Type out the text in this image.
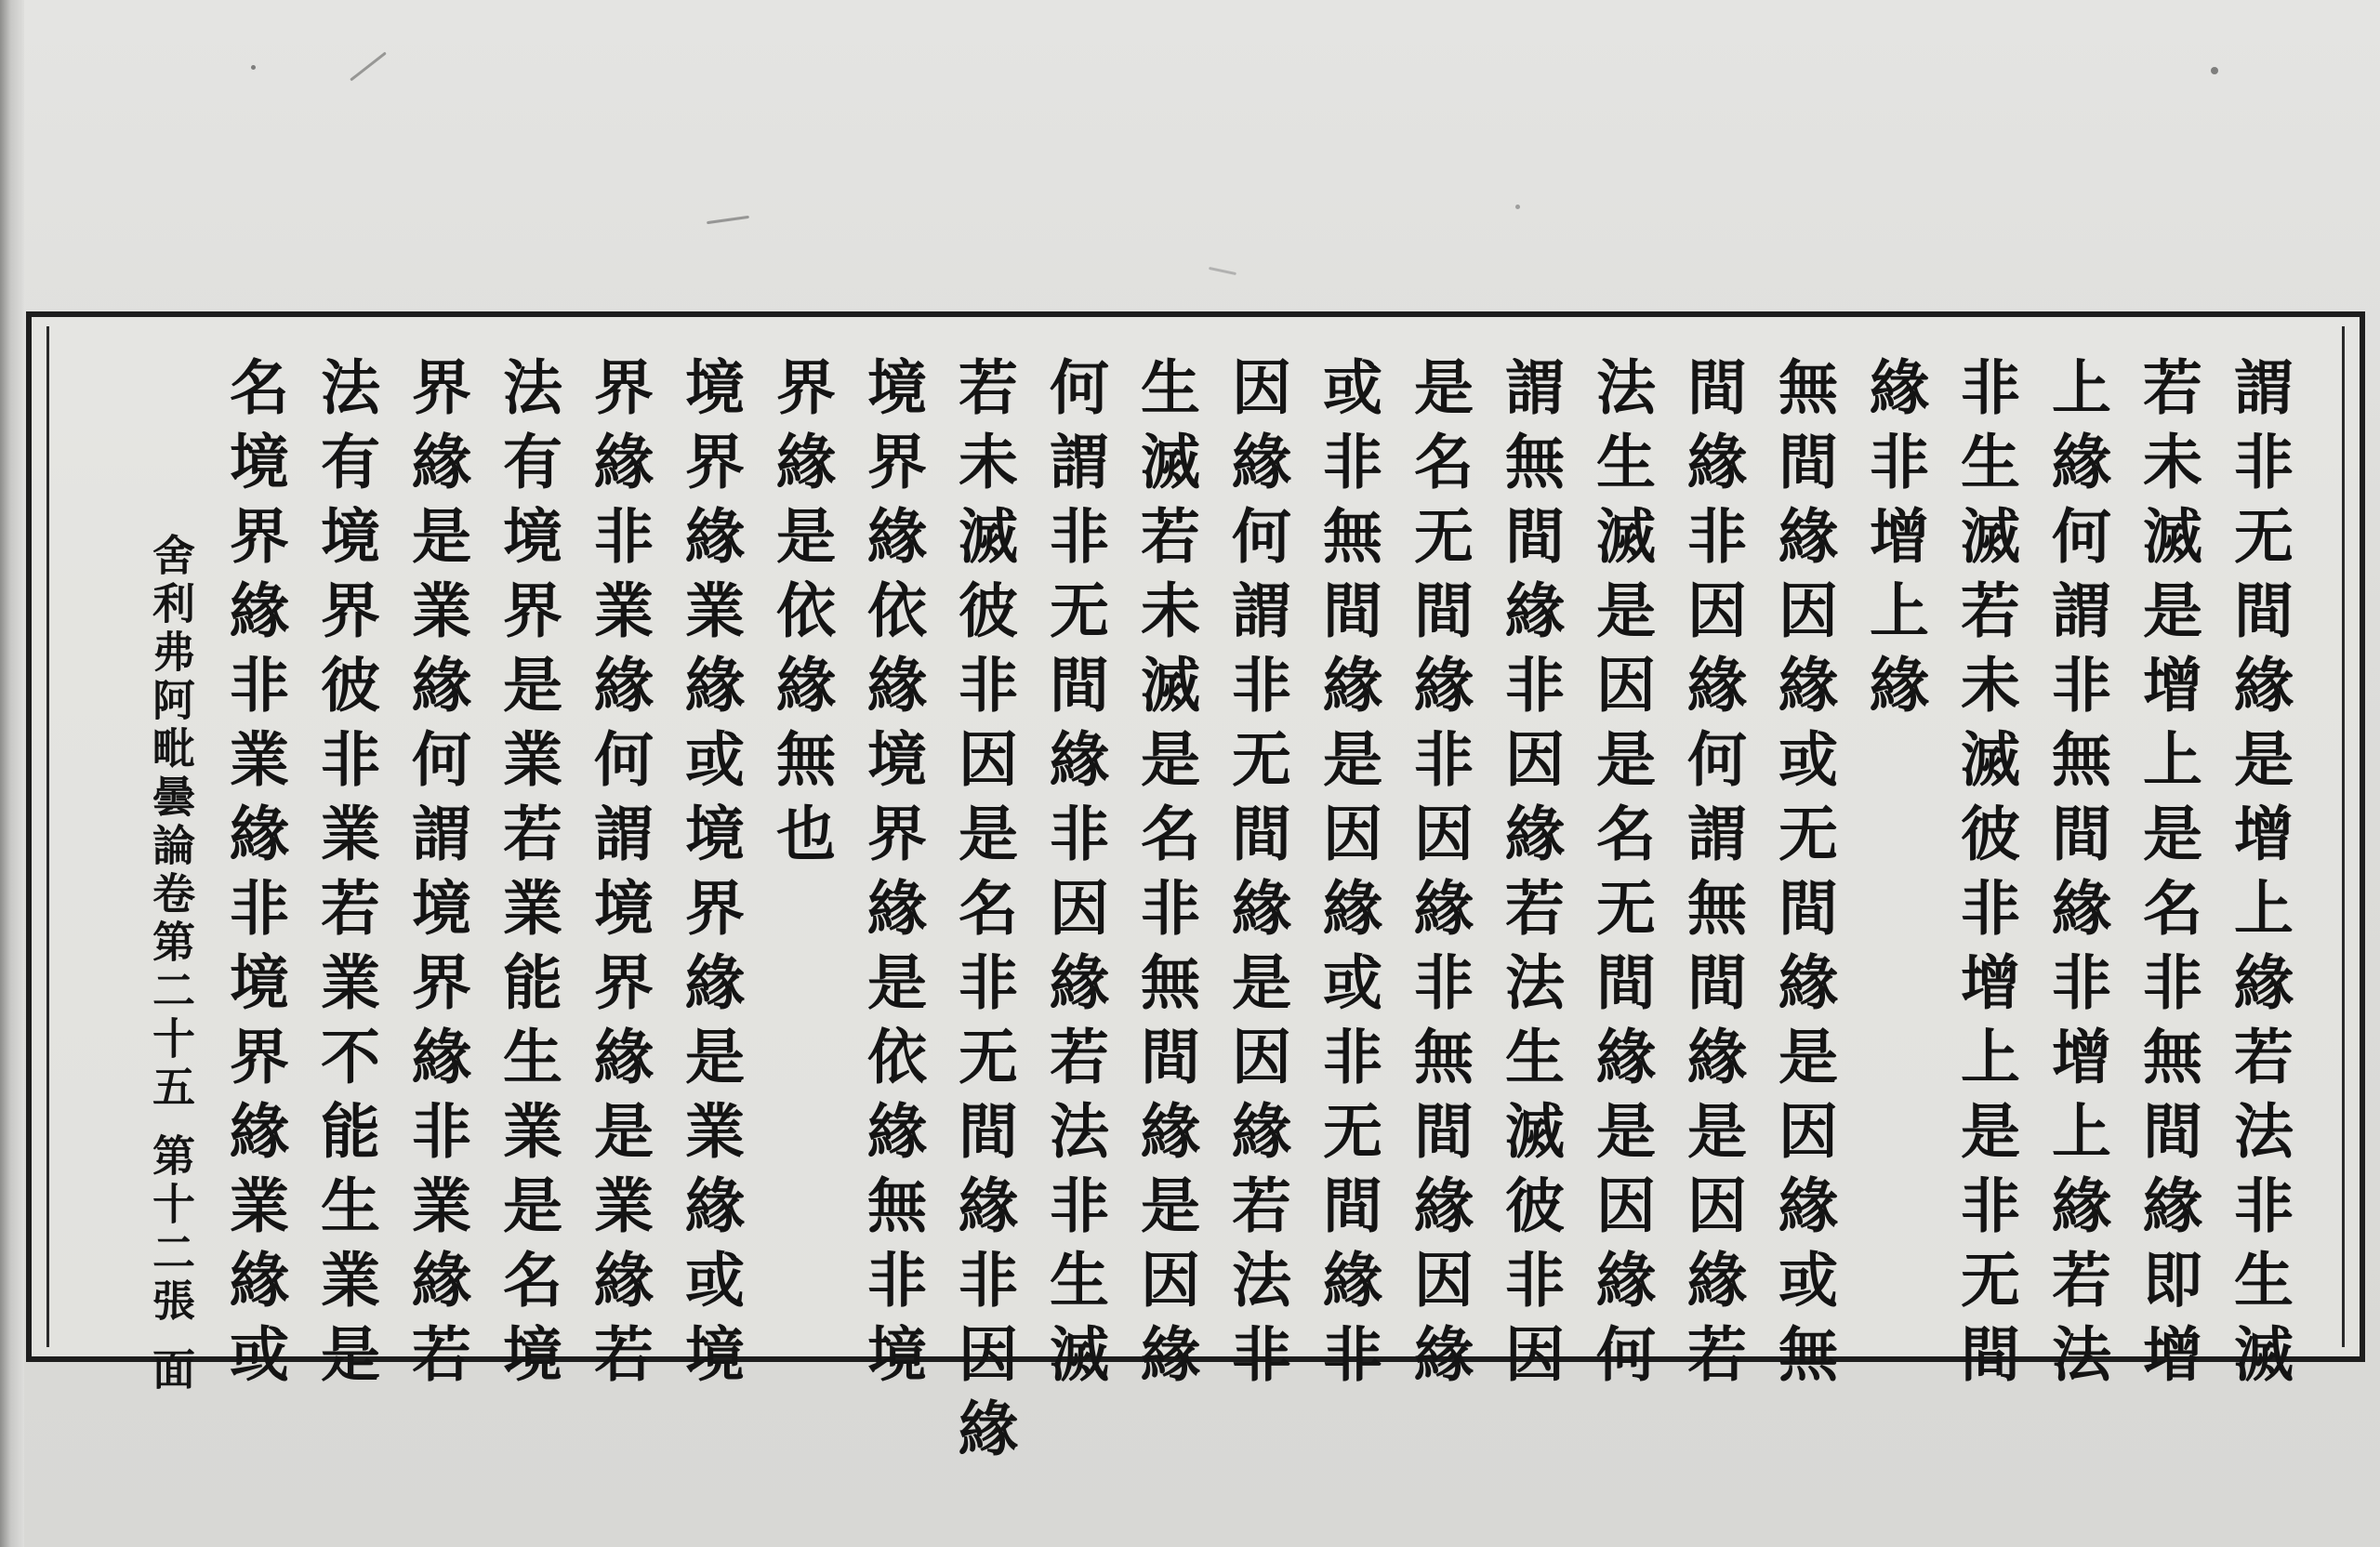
謂非无間緣是增上緣若法非生滅
若未滅是增上是名非無間緣即增
上緣何謂非無間緣非增上緣若法
非生滅若未滅彼非增上是非无間
緣非增上緣
無間緣因緣或无間緣是因緣或無
間緣非因緣何謂無間緣是因緣若
法生滅是因是名无間緣是因緣何
謂無間緣非因緣若法生滅彼非因
是名无間緣非因緣非無間緣因緣
或非無間緣是因緣或非无間緣非
因緣何謂非无間緣是因緣若法非
生滅若未滅是名非無間緣是因緣
何謂非无間緣非因緣若法非生滅
若未滅彼非因是名非无間緣非因緣
境界緣依緣境界緣是依緣無非境
界緣是依緣無也
境界緣業緣或境界緣是業緣或境
界緣非業緣何謂境界緣是業緣若
法有境界是業若業能生業是名境
界緣是業緣何謂境界緣非業緣若
法有境界彼非業若業不能生業是
名境界緣非業緣非境界緣業緣或
舍利弗阿毗曇論卷第二十五 第十二張 面
